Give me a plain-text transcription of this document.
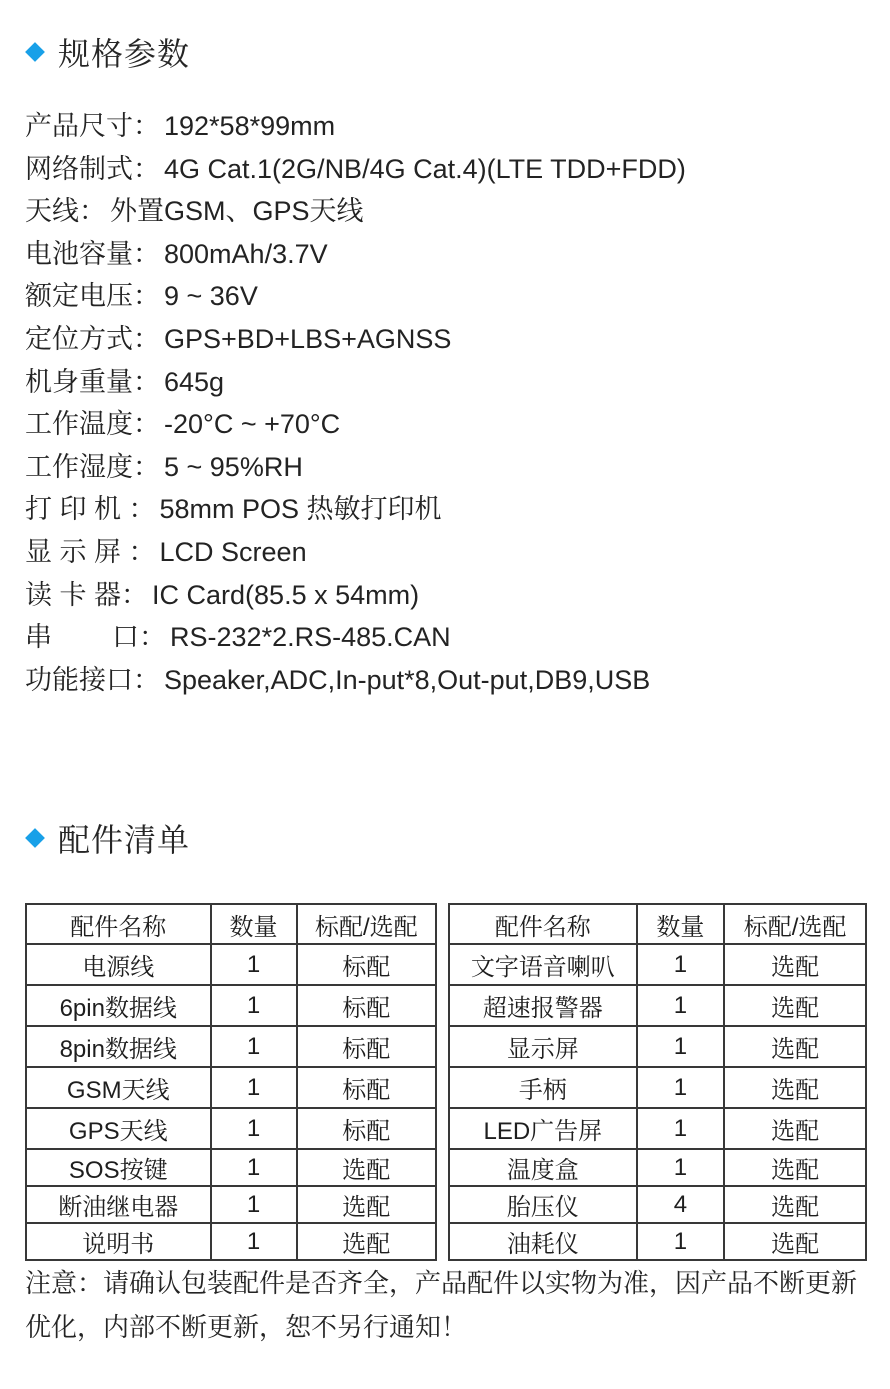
规格参数
产品尺寸： 192*58*99mm
网络制式： 4G Cat.1(2G/NB/4G Cat.4)(LTE TDD+FDD)
天线： 外置GSM、GPS天线
电池容量： 800mAh/3.7V
额定电压： 9 ~ 36V
定位方式： GPS+BD+LBS+AGNSS
机身重量： 645g
工作温度： -20°C ~ +70°C
工作湿度： 5 ~ 95%RH
打 印 机 ： 58mm POS 热敏打印机
显 示 屏 ： LCD Screen
读 卡 器： IC Card(85.5 x 54mm)
串        口： RS-232*2.RS-485.CAN
功能接口： Speaker,ADC,In-put*8,Out-put,DB9,USB
配件清单
配件名称	数量	标配/选配
电源线	1	标配
6pin数据线	1	标配
8pin数据线	1	标配
GSM天线	1	标配
GPS天线	1	标配
SOS按键	1	选配
断油继电器	1	选配
说明书	1	选配
配件名称	数量	标配/选配
文字语音喇叭	1	选配
超速报警器	1	选配
显示屏	1	选配
手柄	1	选配
LED广告屏	1	选配
温度盒	1	选配
胎压仪	4	选配
油耗仪	1	选配
注意：请确认包装配件是否齐全，产品配件以实物为准，因产品不断更新优化，内部不断更新，恕不另行通知！
